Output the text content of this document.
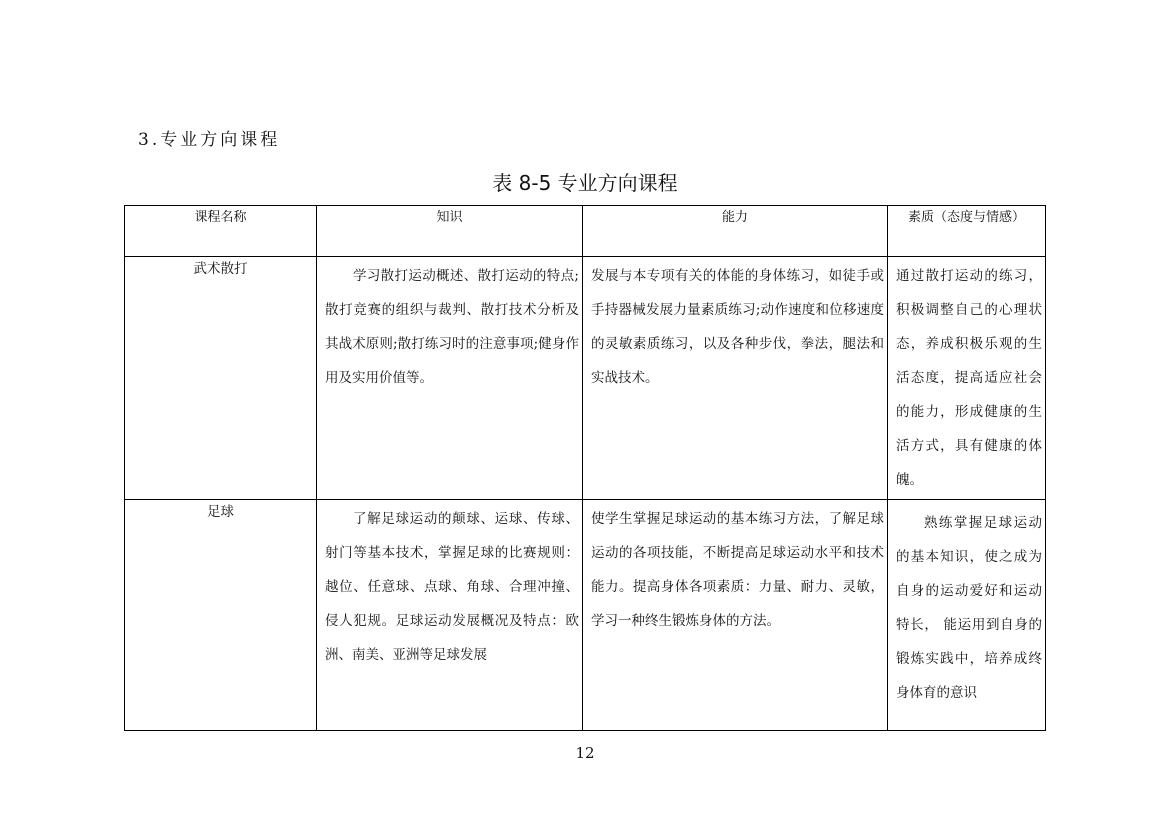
3.专业方向课程
表 8-5 专业方向课程
课程名称	知识	能力	素质（态度与情感）
武术散打	学习散打运动概述、散打运动的特点;散打竞赛的组织与裁判、散打技术分析及其战术原则;散打练习时的注意事项;健身作用及实用价值等。	发展与本专项有关的体能的身体练习，如徒手或手持器械发展力量素质练习;动作速度和位移速度的灵敏素质练习，以及各种步伐，拳法，腿法和实战技术。	通过散打运动的练习，积极调整自己的心理状态，养成积极乐观的生活态度，提高适应社会的能力，形成健康的生活方式，具有健康的体魄。

足球	了解足球运动的颠球、运球、传球、射门等基本技术，掌握足球的比赛规则：越位、任意球、点球、角球、合理冲撞、侵人犯规。足球运动发展概况及特点：欧洲、南美、亚洲等足球发展	使学生掌握足球运动的基本练习方法，了解足球运动的各项技能，不断提高足球运动水平和技术能力。提高身体各项素质：力量、耐力、灵敏，学习一种终生锻炼身体的方法。	熟练掌握足球运动的基本知识，使之成为自身的运动爱好和运动特长， 能运用到自身的锻炼实践中，培养成终身体育的意识
12
